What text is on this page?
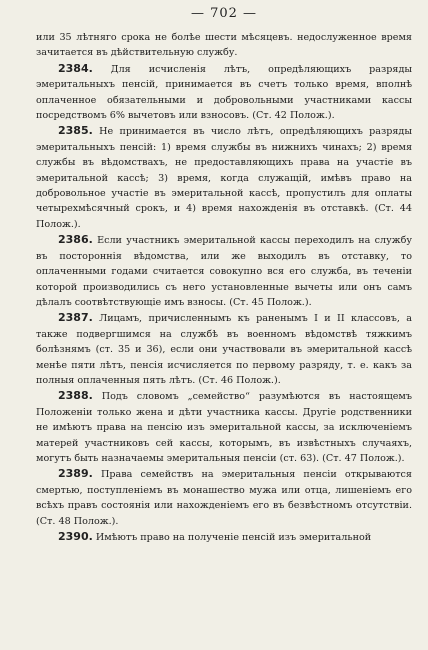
— 702 —

или 35 лѣтняго срока не болѣе шести мѣсяцевъ. недослуженное время зачитается въ дѣйствительную службу.

2384. Для исчисленія лѣтъ, опредѣляющихъ разряды эмеритальныхъ пенсій, принимается въ счетъ только время, вполнѣ оплаченное обязательными и добровольными участниками кассы посредствомъ 6% вычетовъ или взносовъ. (Ст. 42 Полож.).

2385. Не принимается въ число лѣтъ, опредѣляющихъ разряды эмеритальныхъ пенсій: 1) время службы въ нижнихъ чинахъ; 2) время службы въ вѣдомствахъ, не предоставляющихъ права на участіе въ эмеритальной кассѣ; 3) время, когда служащій, имѣвъ право на добровольное участіе въ эмеритальной кассѣ, пропустилъ для оплаты четырехмѣсячный срокъ, и 4) время нахожденія въ отставкѣ. (Ст. 44 Полож.).

2386. Если участникъ эмеритальной кассы переходилъ на службу въ постороннія вѣдомства, или же выходилъ въ отставку, то оплаченными годами считается совокупно вся его служба, въ теченіи которой производились съ него установленные вычеты или онъ самъ дѣлалъ соотвѣтствующіе имъ взносы. (Ст. 45 Полож.).

2387. Лицамъ, причисленнымъ къ раненымъ I и II классовъ, а также подвергшимся на службѣ въ военномъ вѣдомствѣ тяжкимъ болѣзнямъ (ст. 35 и 36), если они участвовали въ эмеритальной кассѣ менѣе пяти лѣтъ, пенсія исчисляется по первому разряду, т. е. какъ за полныя оплаченныя пять лѣтъ. (Ст. 46 Полож.).

2388. Подъ словомъ „семейство“ разумѣются въ настоящемъ Положеніи только жена и дѣти участника кассы. Другіе родственники не имѣютъ права на пенсію изъ эмеритальной кассы, за исключеніемъ матерей участниковъ сей кассы, которымъ, въ извѣстныхъ случаяхъ, могутъ быть назначаемы эмеритальныя пенсіи (ст. 63). (Ст. 47 Полож.).

2389. Права семействъ на эмеритальныя пенсіи открываются смертью, поступленіемъ въ монашество мужа или отца, лишеніемъ его всѣхъ правъ состоянія или нахожденіемъ его въ безвѣстномъ отсутствіи. (Ст. 48 Полож.).

2390. Имѣютъ право на полученіе пенсій изъ эмеритальной
